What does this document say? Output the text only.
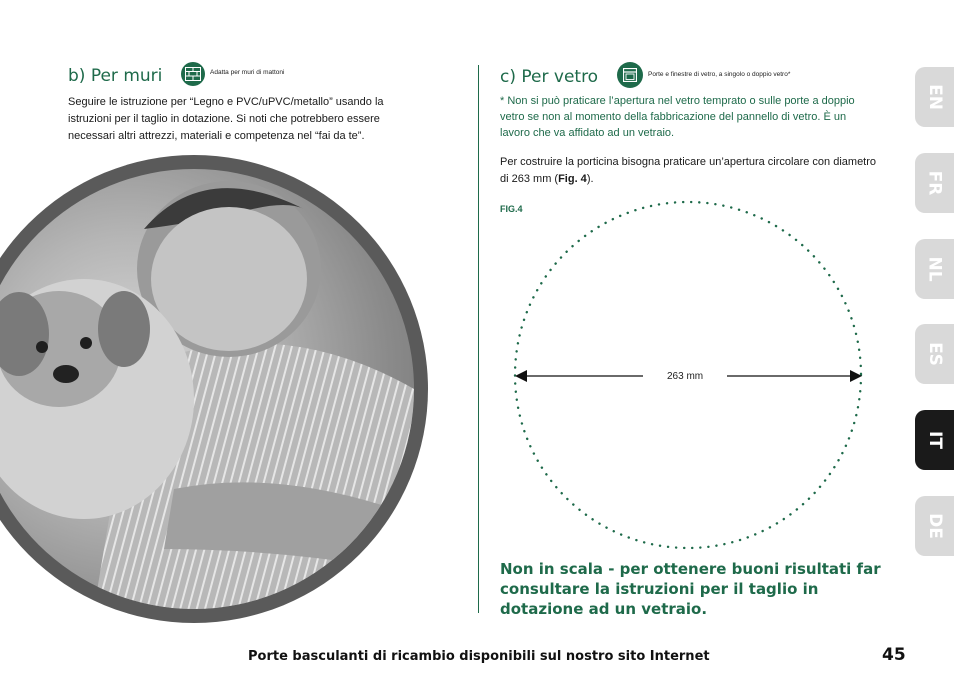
b) Per muri	Adatta per muri di mattoni
Seguire le istruzione per “Legno e PVC/uPVC/metallo” usando la istruzioni per il taglio in dotazione. Si noti che potrebbero essere necessari altri attrezzi, materiali e competenza nel “fai da te”.
c) Per vetro	Porte e finestre di vetro, a singolo o doppio vetro*
* Non si può praticare l’apertura nel vetro temprato o sulle porte a doppio vetro se non al momento della fabbricazione del pannello di vetro. È un lavoro che va affidato ad un vetraio.
Per costruire la porticina bisogna praticare un’apertura circolare con diametro di 263 mm (Fig. 4).
FIG.4
263 mm
Non in scala - per ottenere buoni risultati far consultare la istruzioni per il taglio in dotazione ad un vetraio.
EN
FR
NL
ES
IT
DE
Porte basculanti di ricambio disponibili sul nostro sito Internet	45
